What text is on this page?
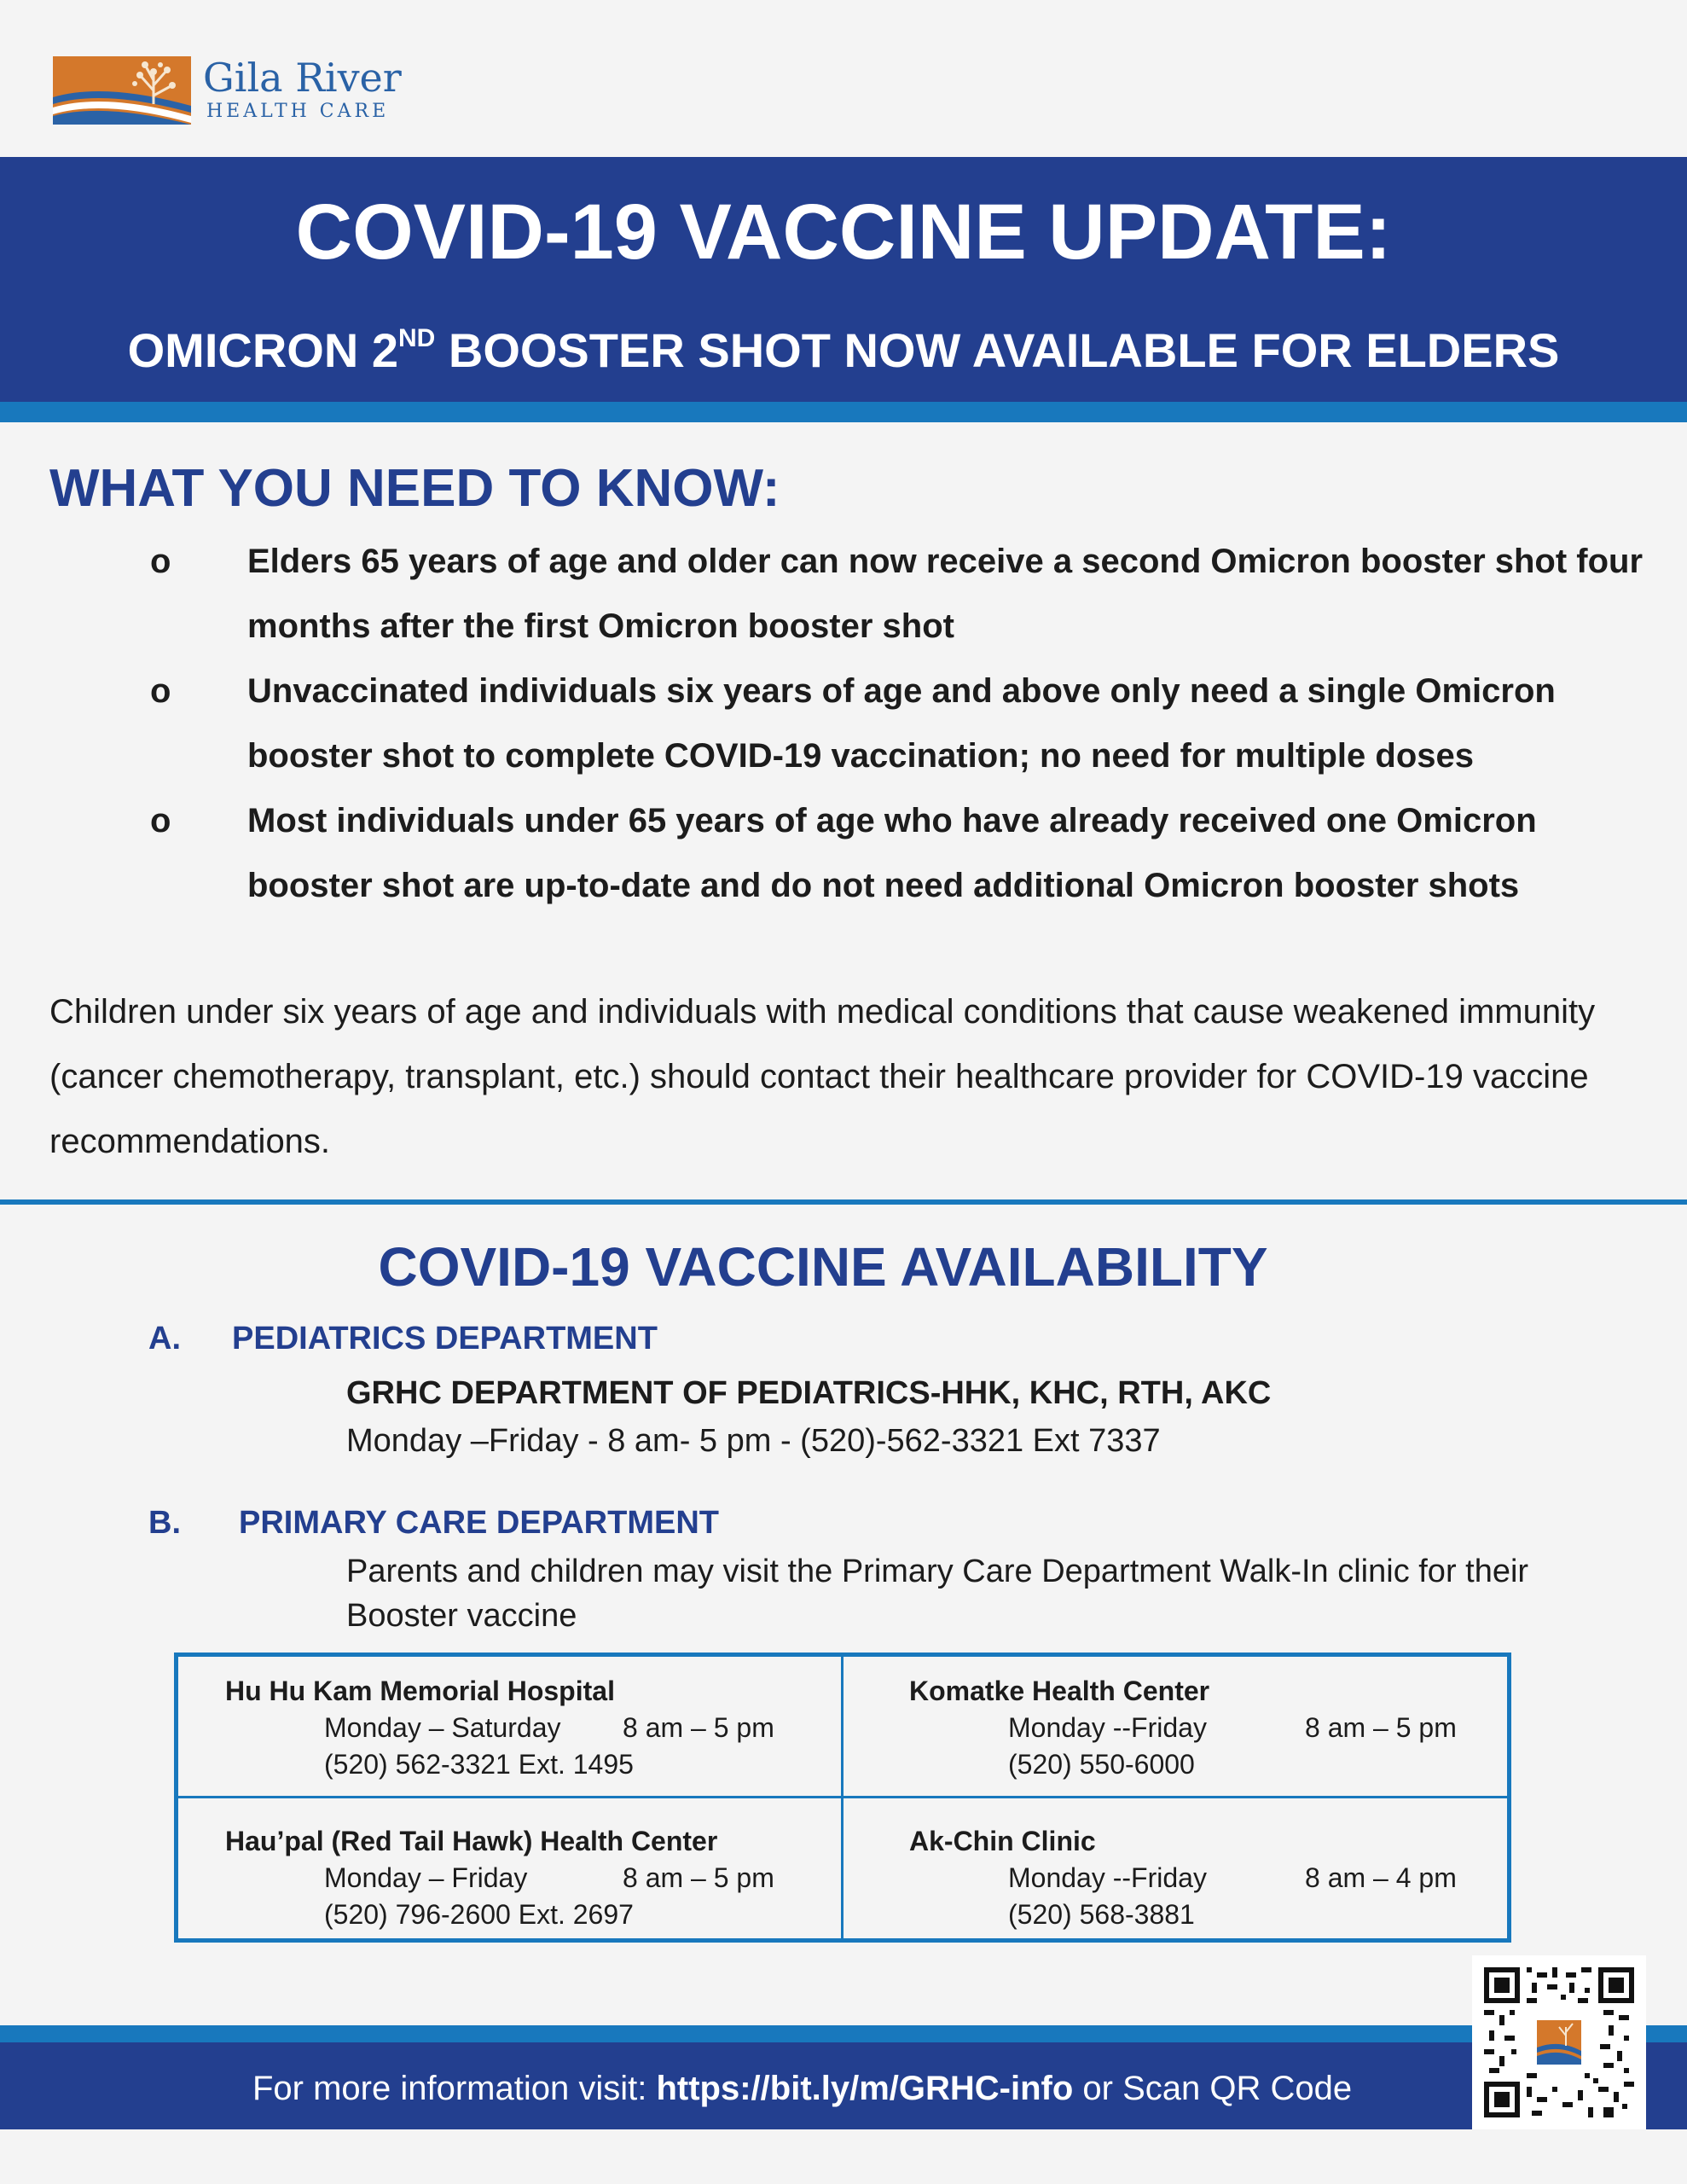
Gila River
HEALTH CARE
COVID-19 VACCINE UPDATE:
OMICRON 2ND BOOSTER SHOT NOW AVAILABLE FOR ELDERS
WHAT YOU NEED TO KNOW:
o Elders 65 years of age and older can now receive a second Omicron booster shot four months after the first Omicron booster shot
o Unvaccinated individuals six years of age and above only need a single Omicron booster shot to complete COVID-19 vaccination; no need for multiple doses
o Most individuals under 65 years of age who have already received one Omicron booster shot are up-to-date and do not need additional Omicron booster shots
Children under six years of age and individuals with medical conditions that cause weakened immunity (cancer chemotherapy, transplant, etc.) should contact their healthcare provider for COVID-19 vaccine recommendations.
COVID-19 VACCINE AVAILABILITY
A. PEDIATRICS DEPARTMENT
GRHC DEPARTMENT OF PEDIATRICS-HHK, KHC, RTH, AKC
Monday –Friday - 8 am- 5 pm - (520)-562-3321 Ext 7337
B. PRIMARY CARE DEPARTMENT
Parents and children may visit the Primary Care Department Walk-In clinic for their Booster vaccine
Hu Hu Kam Memorial Hospital
Monday – Saturday 8 am – 5 pm
(520) 562-3321 Ext. 1495
Komatke Health Center
Monday --Friday	8 am – 5 pm
(520) 550-6000
Hau’pal (Red Tail Hawk) Health Center
Monday – Friday	8 am – 5 pm
(520) 796-2600 Ext. 2697
Ak-Chin Clinic
Monday --Friday	8 am – 4 pm
(520) 568-3881
For more information visit: https://bit.ly/m/GRHC-info or Scan QR Code
